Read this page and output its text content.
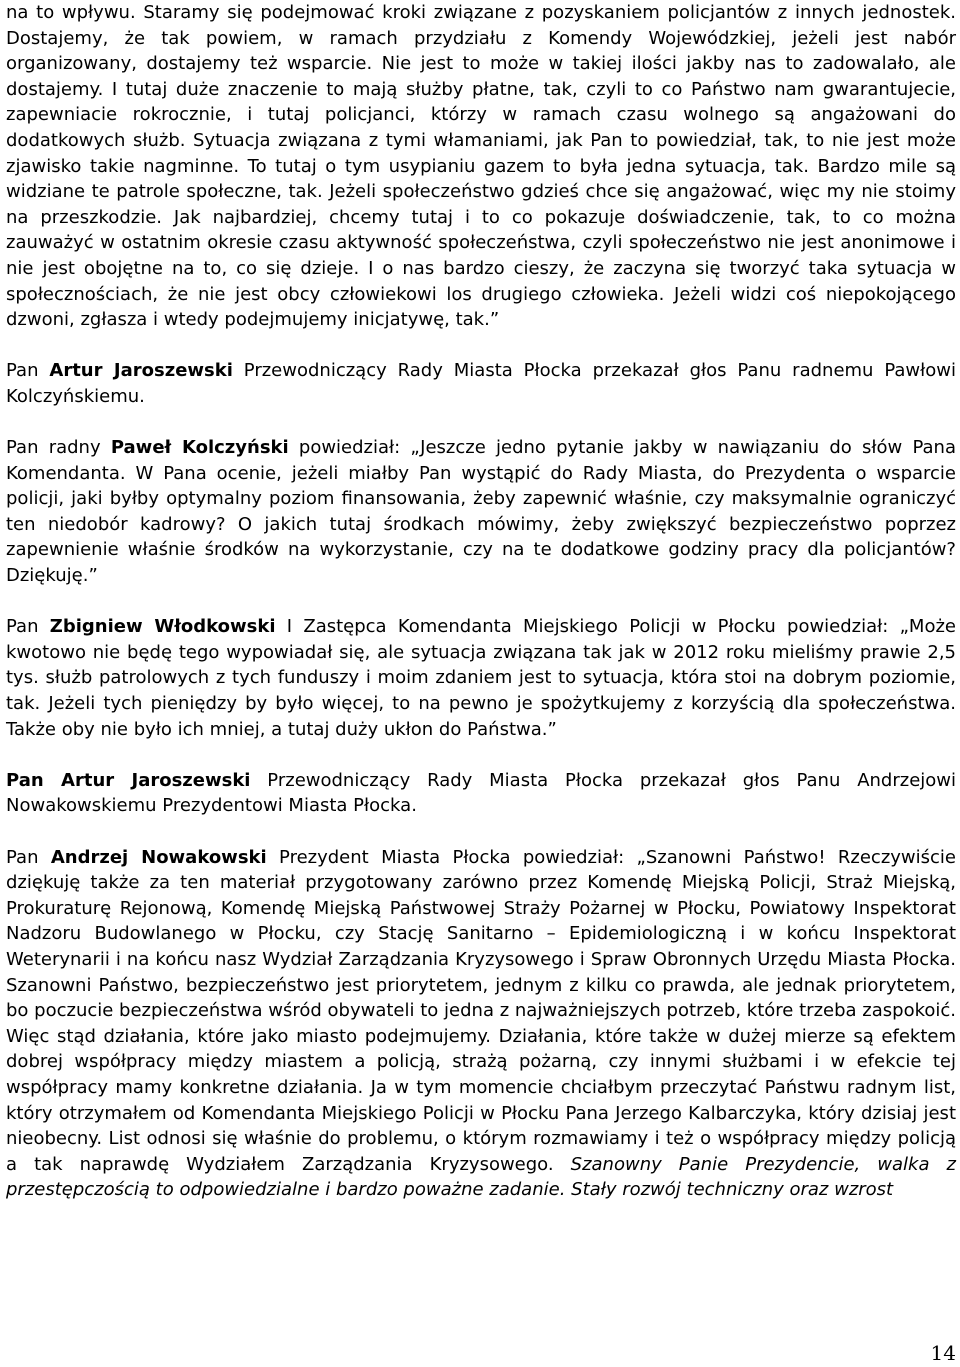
na to wpływu. Staramy się podejmować kroki związane z pozyskaniem policjantów z innych jednostek. Dostajemy, że tak powiem, w ramach przydziału z Komendy Wojewódzkiej, jeżeli jest nabór organizowany, dostajemy też wsparcie. Nie jest to może w takiej ilości jakby nas to zadowalało, ale dostajemy. I tutaj duże znaczenie to mają służby płatne, tak, czyli to co Państwo nam gwarantujecie, zapewniacie rokrocznie, i tutaj policjanci, którzy w ramach czasu wolnego są angażowani do dodatkowych służb. Sytuacja związana z tymi włamaniami, jak Pan to powiedział, tak, to nie jest może zjawisko takie nagminne. To tutaj o tym usypianiu gazem to była jedna sytuacja, tak. Bardzo mile są widziane te patrole społeczne, tak. Jeżeli społeczeństwo gdzieś chce się angażować, więc my nie stoimy na przeszkodzie. Jak najbardziej, chcemy tutaj i to co pokazuje doświadczenie, tak, to co można zauważyć w ostatnim okresie czasu aktywność społeczeństwa, czyli społeczeństwo nie jest anonimowe i nie jest obojętne na to, co się dzieje. I o nas bardzo cieszy, że zaczyna się tworzyć taka sytuacja w społecznościach, że nie jest obcy człowiekowi los drugiego człowieka. Jeżeli widzi coś niepokojącego dzwoni, zgłasza i wtedy podejmujemy inicjatywę, tak.”

Pan Artur Jaroszewski Przewodniczący Rady Miasta Płocka przekazał głos Panu radnemu Pawłowi Kolczyńskiemu.

Pan radny Paweł Kolczyński powiedział: „Jeszcze jedno pytanie jakby w nawiązaniu do słów Pana Komendanta. W Pana ocenie, jeżeli miałby Pan wystąpić do Rady Miasta, do Prezydenta o wsparcie policji, jaki byłby optymalny poziom finansowania, żeby zapewnić właśnie, czy maksymalnie ograniczyć ten niedobór kadrowy? O jakich tutaj środkach mówimy, żeby zwiększyć bezpieczeństwo poprzez zapewnienie właśnie środków na wykorzystanie, czy na te dodatkowe godziny pracy dla policjantów? Dziękuję.”

Pan Zbigniew Włodkowski I Zastępca Komendanta Miejskiego Policji w Płocku powiedział: „Może kwotowo nie będę tego wypowiadał się, ale sytuacja związana tak jak w 2012 roku mieliśmy prawie 2,5 tys. służb patrolowych z tych funduszy i moim zdaniem jest to sytuacja, która stoi na dobrym poziomie, tak. Jeżeli tych pieniędzy by było więcej, to na pewno je spożytkujemy z korzyścią dla społeczeństwa. Także oby nie było ich mniej, a tutaj duży ukłon do Państwa.”

Pan Artur Jaroszewski Przewodniczący Rady Miasta Płocka przekazał głos Panu Andrzejowi Nowakowskiemu Prezydentowi Miasta Płocka.

Pan Andrzej Nowakowski Prezydent Miasta Płocka powiedział: „Szanowni Państwo! Rzeczywiście dziękuję także za ten materiał przygotowany zarówno przez Komendę Miejską Policji, Straż Miejską, Prokuraturę Rejonową, Komendę Miejską Państwowej Straży Pożarnej w Płocku, Powiatowy Inspektorat Nadzoru Budowlanego w Płocku, czy Stację Sanitarno – Epidemiologiczną i w końcu Inspektorat Weterynarii i na końcu nasz Wydział Zarządzania Kryzysowego i Spraw Obronnych Urzędu Miasta Płocka. Szanowni Państwo, bezpieczeństwo jest priorytetem, jednym z kilku co prawda, ale jednak priorytetem, bo poczucie bezpieczeństwa wśród obywateli to jedna z najważniejszych potrzeb, które trzeba zaspokoić. Więc stąd działania, które jako miasto podejmujemy. Działania, które także w dużej mierze są efektem dobrej współpracy między miastem a policją, strażą pożarną, czy innymi służbami i w efekcie tej współpracy mamy konkretne działania. Ja w tym momencie chciałbym przeczytać Państwu radnym list, który otrzymałem od Komendanta Miejskiego Policji w Płocku Pana Jerzego Kalbarczyka, który dzisiaj jest nieobecny. List odnosi się właśnie do problemu, o którym rozmawiamy i też o współpracy między policją a tak naprawdę Wydziałem Zarządzania Kryzysowego. Szanowny Panie Prezydencie, walka z przestępczością to odpowiedzialne i bardzo poważne zadanie. Stały rozwój techniczny oraz wzrost

14
